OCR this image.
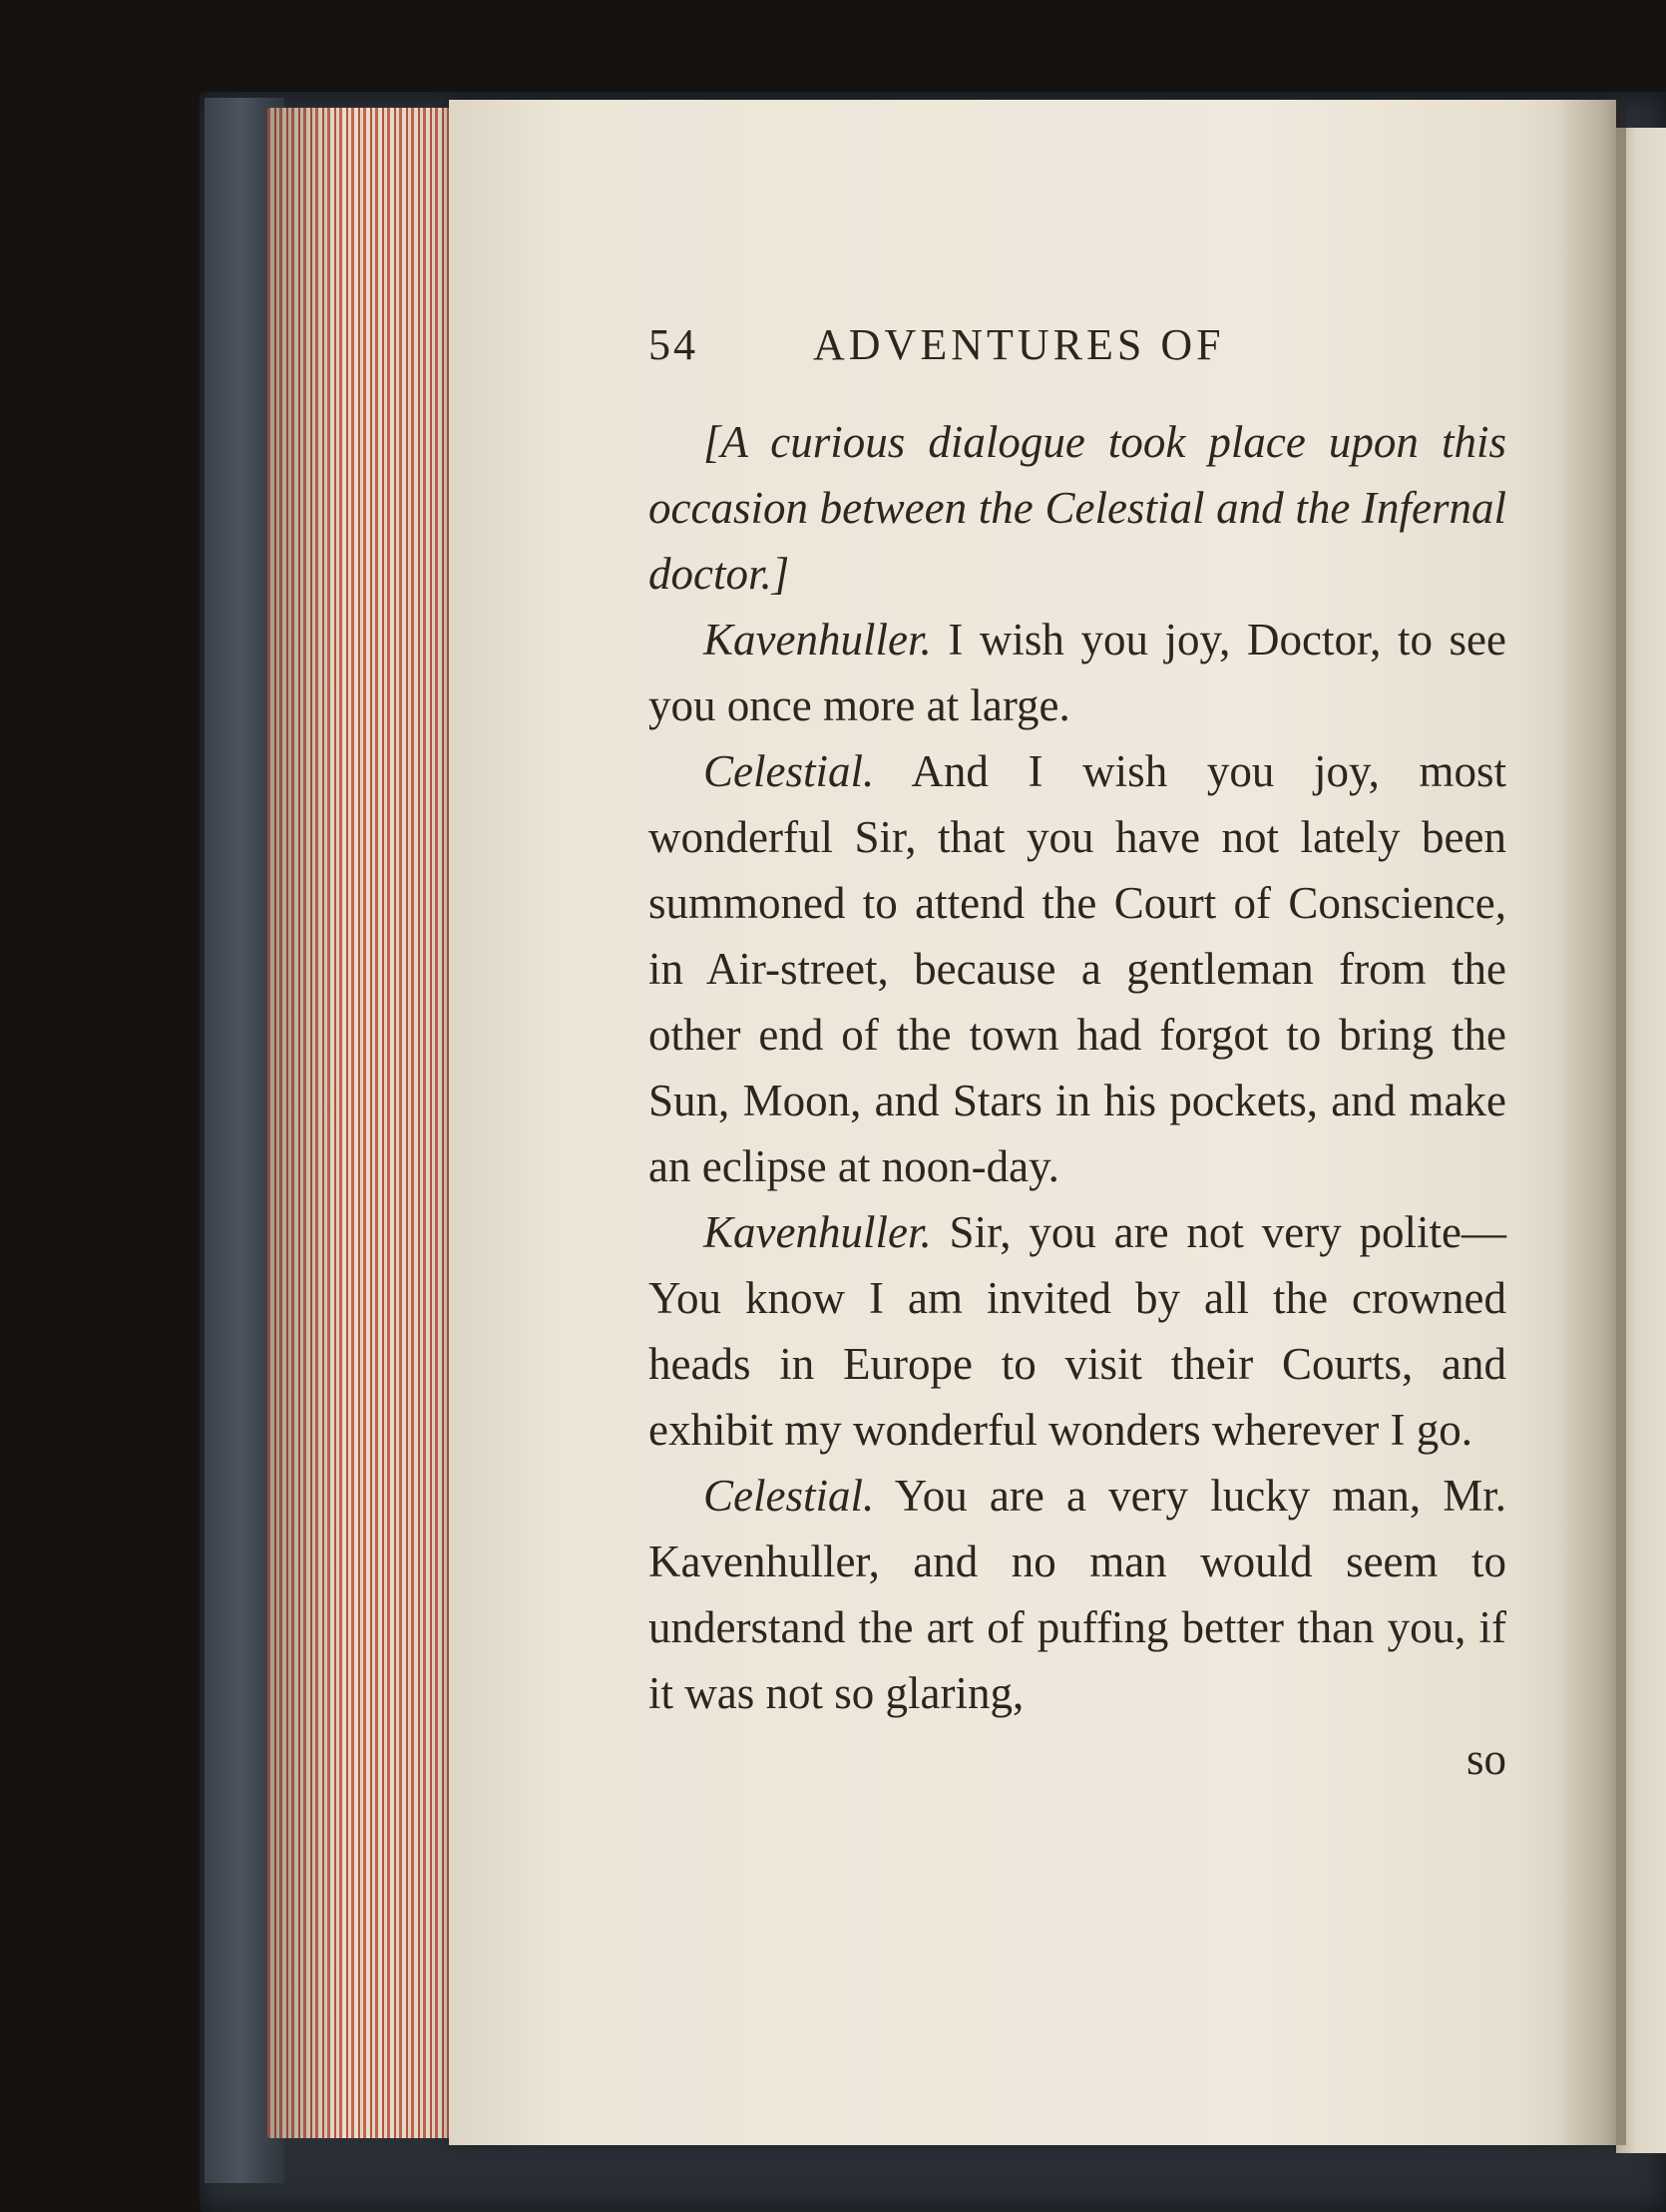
54	ADVENTURES OF

[A curious dialogue took place upon this occasion between the Celestial and the Infernal doctor.]

Kavenhuller. I wish you joy, Doctor, to see you once more at large.

Celestial. And I wish you joy, most wonderful Sir, that you have not lately been summoned to attend the Court of Conscience, in Air-street, because a gentleman from the other end of the town had forgot to bring the Sun, Moon, and Stars in his pockets, and make an eclipse at noon-day.

Kavenhuller. Sir, you are not very polite—You know I am invited by all the crowned heads in Europe to visit their Courts, and exhibit my wonderful wonders wherever I go.

Celestial. You are a very lucky man, Mr. Kavenhuller, and no man would seem to understand the art of puffing better than you, if it was not so glaring,

so
